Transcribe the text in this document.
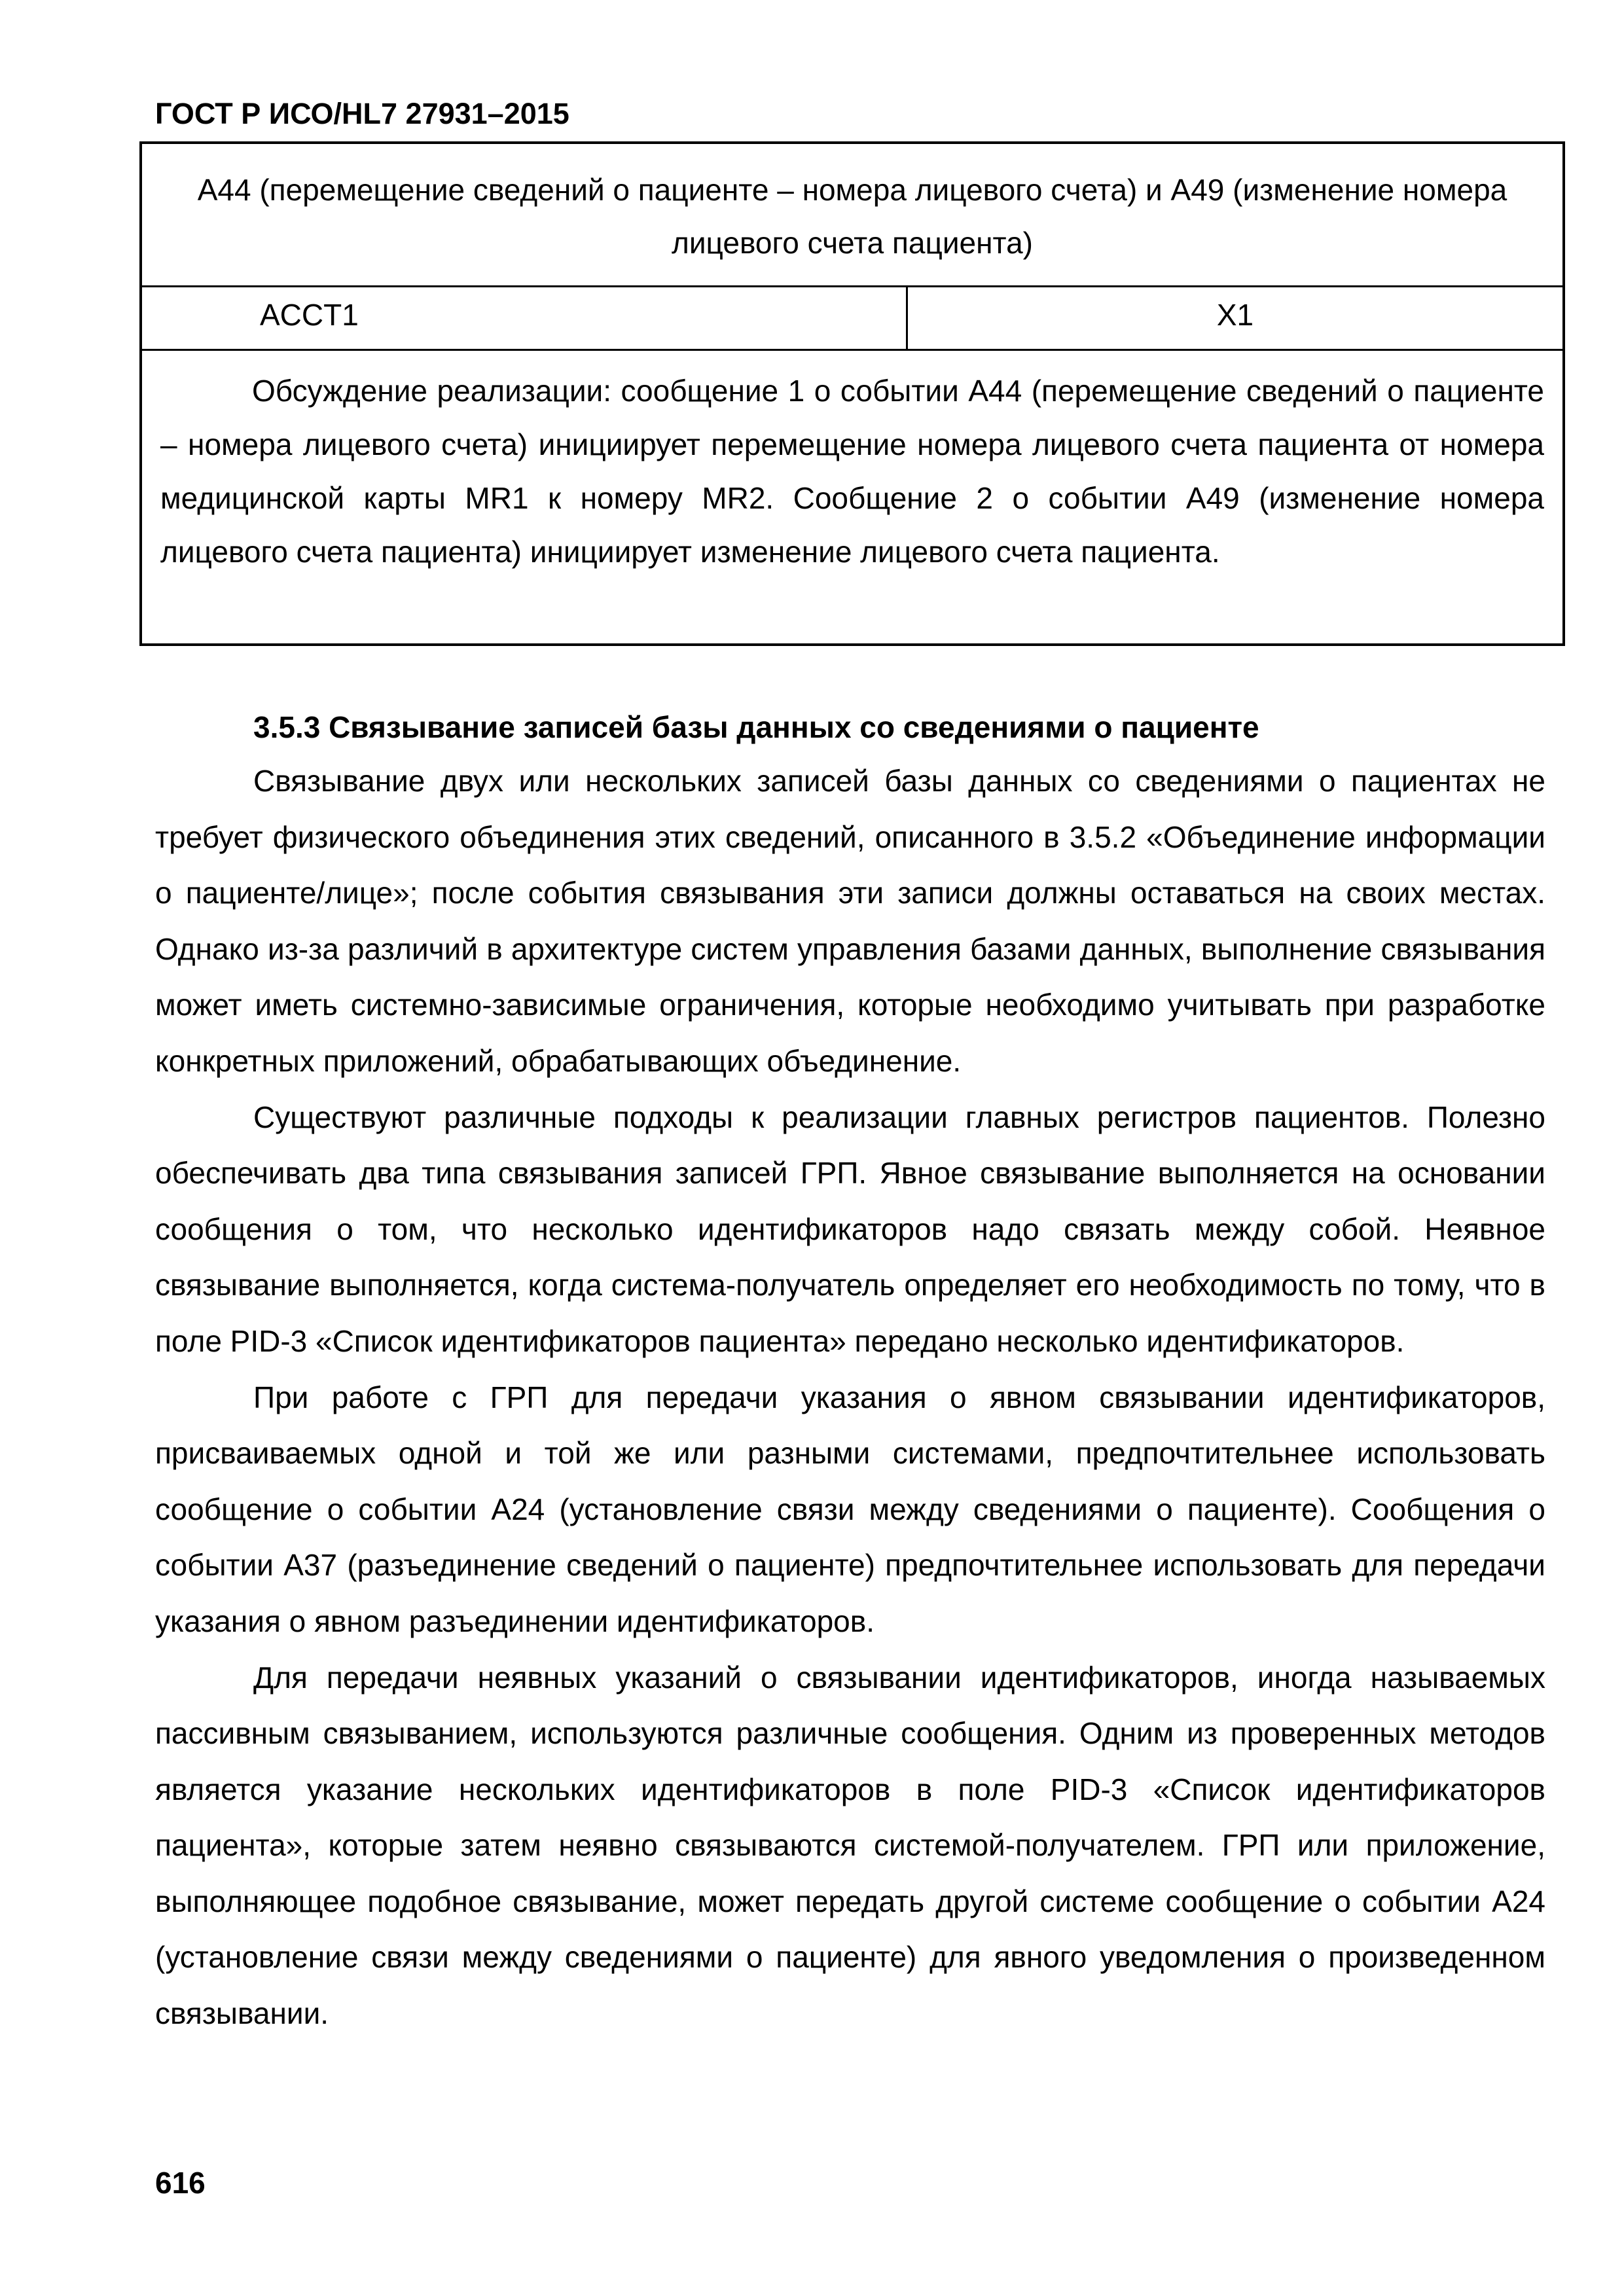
ГОСТ Р ИСО/HL7 27931–2015
A44 (перемещение сведений о пациенте – номера лицевого счета) и A49 (изменение номера лицевого счета пациента)
ACCT1	X1
Обсуждение реализации: сообщение 1 о событии A44 (перемещение сведений о пациенте – номера лицевого счета) инициирует перемещение номера лицевого счета пациента от номера медицинской карты MR1 к номеру MR2. Сообщение 2 о событии A49 (изменение номера лицевого счета пациента) инициирует изменение лицевого счета пациента.
3.5.3 Связывание записей базы данных со сведениями о пациенте

Связывание двух или нескольких записей базы данных со сведениями о пациентах не требует физического объединения этих сведений, описанного в 3.5.2 «Объединение информации о пациенте/лице»; после события связывания эти записи должны оставаться на своих местах. Однако из-за различий в архитектуре систем управления базами данных, выполнение связывания может иметь системно-зависимые ограничения, которые необходимо учитывать при разработке конкретных приложений, обрабатывающих объединение.

Существуют различные подходы к реализации главных регистров пациентов. Полезно обеспечивать два типа связывания записей ГРП. Явное связывание выполняется на основании сообщения о том, что несколько идентификаторов надо связать между собой. Неявное связывание выполняется, когда система-получатель определяет его необходимость по тому, что в поле PID-3 «Список идентификаторов пациента» передано несколько идентификаторов.

При работе с ГРП для передачи указания о явном связывании идентификаторов, присваиваемых одной и той же или разными системами, предпочтительнее использовать сообщение о событии A24 (установление связи между сведениями о пациенте). Сообщения о событии A37 (разъединение сведений о пациенте) предпочтительнее использовать для передачи указания о явном разъединении идентификаторов.

Для передачи неявных указаний о связывании идентификаторов, иногда называемых пассивным связыванием, используются различные сообщения. Одним из проверенных методов является указание нескольких идентификаторов в поле PID-3 «Список идентификаторов пациента», которые затем неявно связываются системой-получателем. ГРП или приложение, выполняющее подобное связывание, может передать другой системе сообщение о событии A24 (установление связи между сведениями о пациенте) для явного уведомления о произведенном связывании.

616
